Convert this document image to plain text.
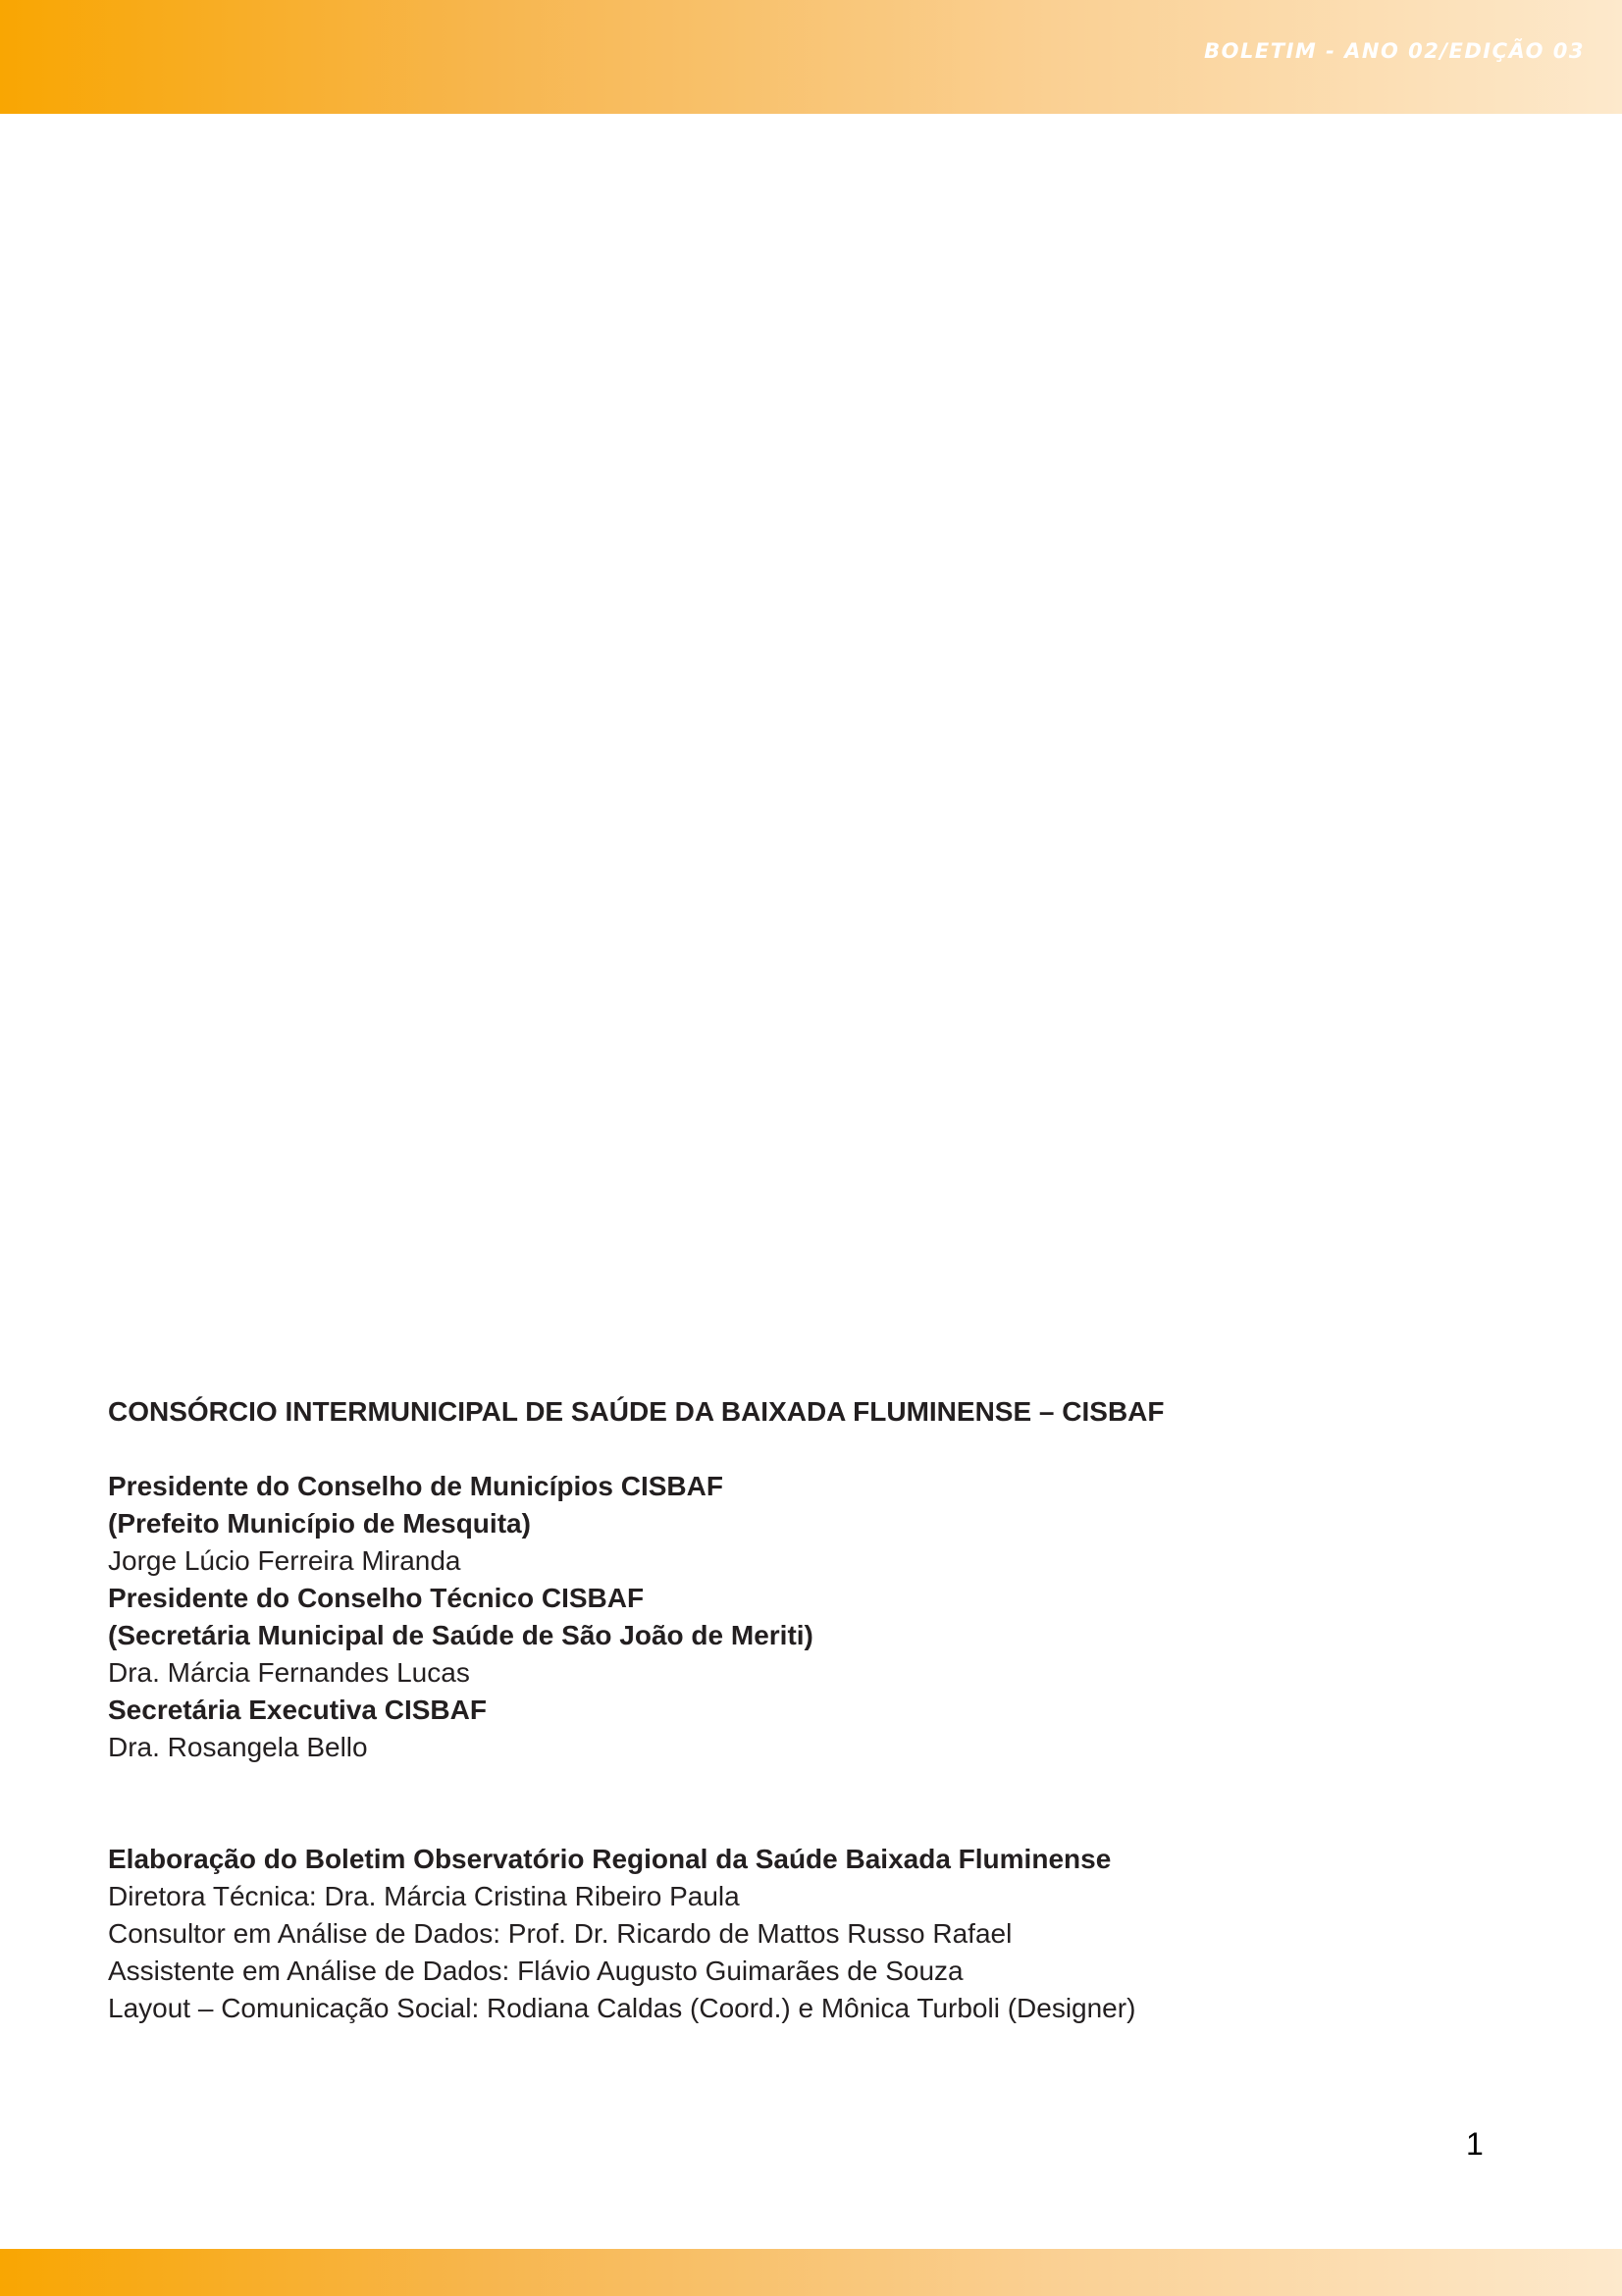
BOLETIM - ANO 02/EDIÇÃO 03
CONSÓRCIO INTERMUNICIPAL DE SAÚDE DA BAIXADA FLUMINENSE – CISBAF
Presidente do Conselho de Municípios CISBAF
(Prefeito Município de Mesquita)
Jorge Lúcio Ferreira Miranda
Presidente do Conselho Técnico CISBAF
(Secretária Municipal de Saúde de São João de Meriti)
Dra. Márcia Fernandes Lucas
Secretária Executiva CISBAF
Dra. Rosangela Bello
Elaboração do Boletim Observatório Regional da Saúde Baixada Fluminense
Diretora Técnica: Dra. Márcia Cristina Ribeiro Paula
Consultor em Análise de Dados: Prof. Dr. Ricardo de Mattos Russo Rafael
Assistente em Análise de Dados: Flávio Augusto Guimarães de Souza
Layout – Comunicação Social: Rodiana Caldas (Coord.) e Mônica Turboli (Designer)
1
